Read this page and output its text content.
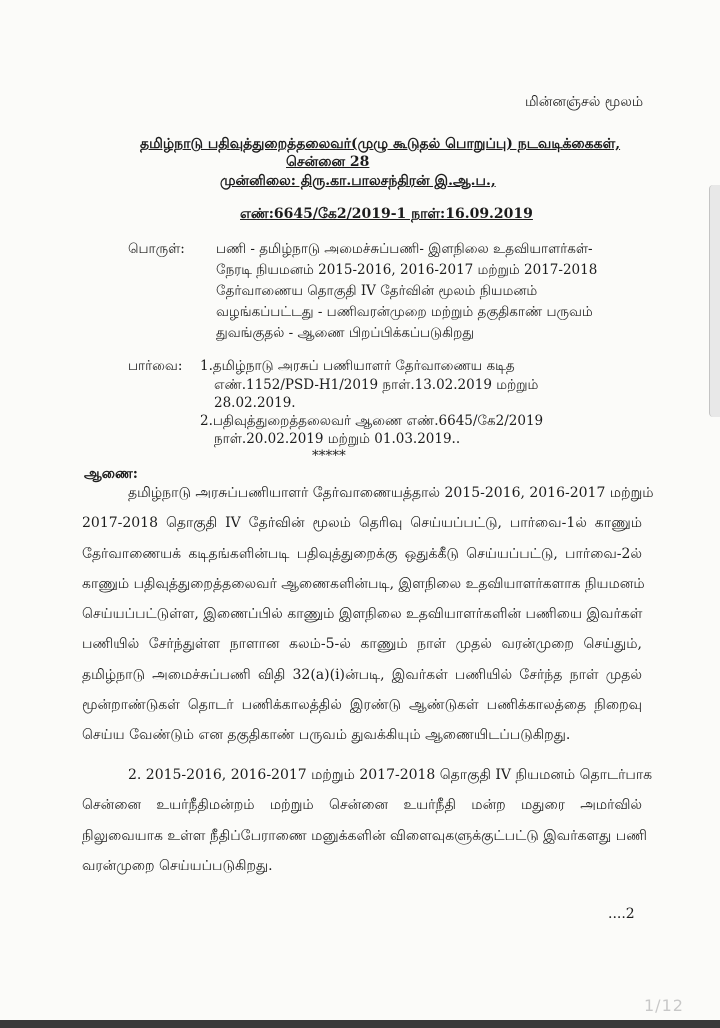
மின்னஞ்சல் மூலம்
தமிழ்நாடு பதிவுத்துறைத்தலைவர்(முழு கூடுதல் பொறுப்பு) நடவடிக்கைகள்,
சென்னை 28
முன்னிலை: திரு.கா.பாலசந்திரன் இ.ஆ.ப.,
எண்:6645/கே2/2019-1 நாள்:16.09.2019
பொருள்: பணி - தமிழ்நாடு அமைச்சுப்பணி- இளநிலை உதவியாளர்கள்-
நேரடி நியமனம் 2015-2016, 2016-2017 மற்றும் 2017-2018
தேர்வாணைய தொகுதி IV தேர்வின் மூலம் நியமனம்
வழங்கப்பட்டது - பணிவரன்முறை மற்றும் தகுதிகாண் பருவம்
துவங்குதல் - ஆணை பிறப்பிக்கப்படுகிறது
பார்வை: 1.தமிழ்நாடு அரசுப் பணியாளர் தேர்வாணைய கடித
எண்.1152/PSD-H1/2019 நாள்.13.02.2019 மற்றும்
28.02.2019.
2.பதிவுத்துறைத்தலைவர் ஆணை எண்.6645/கே2/2019
நாள்.20.02.2019 மற்றும் 01.03.2019..
*****
ஆணை:
தமிழ்நாடு அரசுப்பணியாளர் தேர்வாணையத்தால் 2015-2016, 2016-2017 மற்றும்
2017-2018 தொகுதி IV தேர்வின் மூலம் தெரிவு செய்யப்பட்டு, பார்வை-1ல் காணும்
தேர்வாணையக் கடிதங்களின்படி பதிவுத்துறைக்கு ஒதுக்கீடு செய்யப்பட்டு, பார்வை-2ல்
காணும் பதிவுத்துறைத்தலைவர் ஆணைகளின்படி, இளநிலை உதவியாளர்களாக நியமனம்
செய்யப்பட்டுள்ள, இணைப்பில் காணும் இளநிலை உதவியாளர்களின் பணியை இவர்கள்
பணியில் சேர்ந்துள்ள நாளான கலம்-5-ல் காணும் நாள் முதல் வரன்முறை செய்தும்,
தமிழ்நாடு அமைச்சுப்பணி விதி 32(a)(i)ன்படி, இவர்கள் பணியில் சேர்ந்த நாள் முதல்
மூன்றாண்டுகள் தொடர் பணிக்காலத்தில் இரண்டு ஆண்டுகள் பணிக்காலத்தை நிறைவு
செய்ய வேண்டும் என தகுதிகாண் பருவம் துவக்கியும் ஆணையிடப்படுகிறது.
2. 2015-2016, 2016-2017 மற்றும் 2017-2018 தொகுதி IV நியமனம் தொடர்பாக
சென்னை உயர்நீதிமன்றம் மற்றும் சென்னை உயர்நீதி மன்ற மதுரை அமர்வில்
நிலுவையாக உள்ள நீதிப்பேராணை மனுக்களின் விளைவுகளுக்குட்பட்டு இவர்களது பணி
வரன்முறை செய்யப்படுகிறது.
....2
1/12
